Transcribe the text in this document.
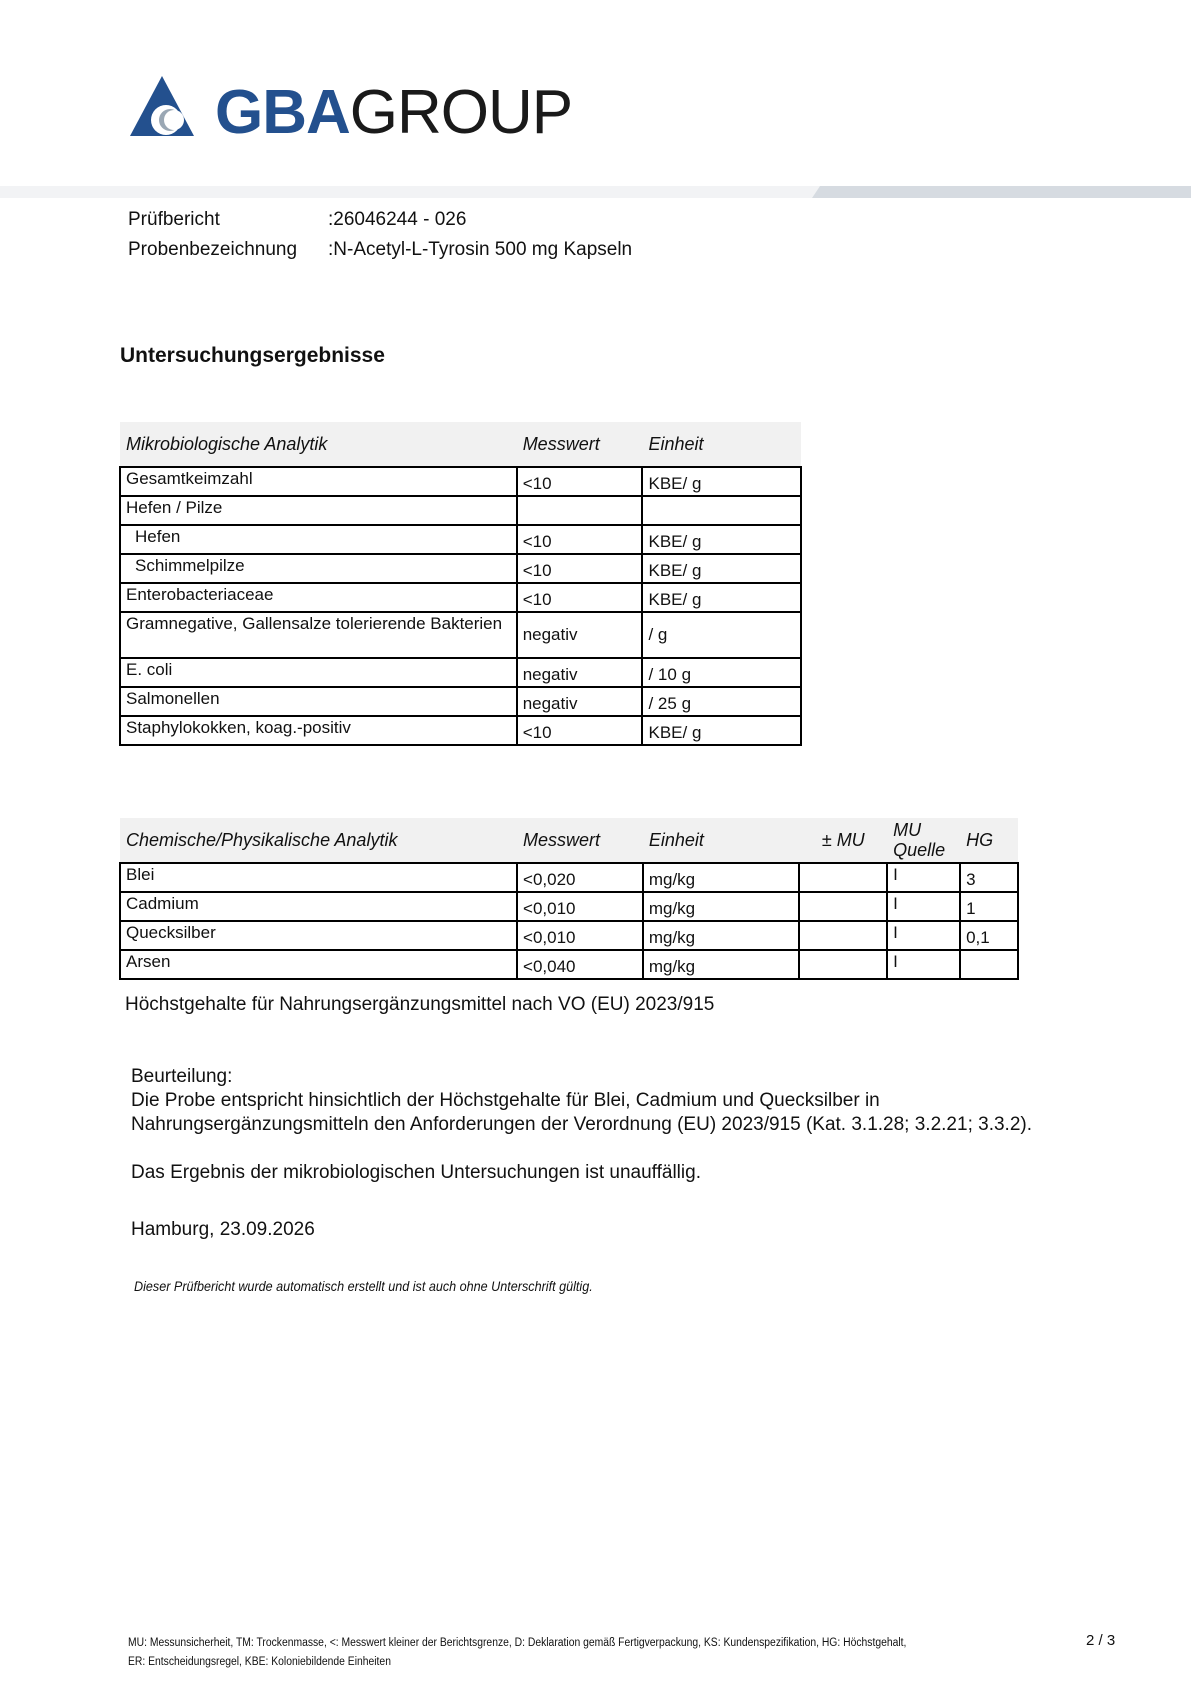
GBAGROUP
Prüfbericht	:26046244 - 026
Probenbezeichnung :N-Acetyl-L-Tyrosin 500 mg Kapseln
Untersuchungsergebnisse
Mikrobiologische Analytik	Messwert	Einheit
Gesamtkeimzahl	<10	KBE/ g
Hefen / Pilze		
Hefen	<10	KBE/ g
Schimmelpilze	<10	KBE/ g
Enterobacteriaceae	<10	KBE/ g
Gramnegative, Gallensalze tolerierende Bakterien	negativ	/ g
E. coli	negativ	/ 10 g
Salmonellen	negativ	/ 25 g
Staphylokokken, koag.-positiv	<10	KBE/ g
Chemische/Physikalische Analytik	Messwert	Einheit	± MU	MU Quelle	HG
Blei	<0,020	mg/kg		I	3
Cadmium	<0,010	mg/kg		I	1
Quecksilber	<0,010	mg/kg		I	0,1
Arsen	<0,040	mg/kg		I	
Höchstgehalte für Nahrungsergänzungsmittel nach VO (EU) 2023/915

Beurteilung:

Die Probe entspricht hinsichtlich der Höchstgehalte für Blei, Cadmium und Quecksilber in

Nahrungsergänzungsmitteln den Anforderungen der Verordnung (EU) 2023/915 (Kat. 3.1.28; 3.2.21; 3.3.2).

Das Ergebnis der mikrobiologischen Untersuchungen ist unauffällig.

Hamburg, 23.09.2026
Dieser Prüfbericht wurde automatisch erstellt und ist auch ohne Unterschrift gültig.
MU: Messunsicherheit, TM: Trockenmasse, <: Messwert kleiner der Berichtsgrenze, D: Deklaration gemäß Fertigverpackung, KS: Kundenspezifikation, HG: Höchstgehalt,
ER: Entscheidungsregel, KBE: Koloniebildende Einheiten
2 / 3
